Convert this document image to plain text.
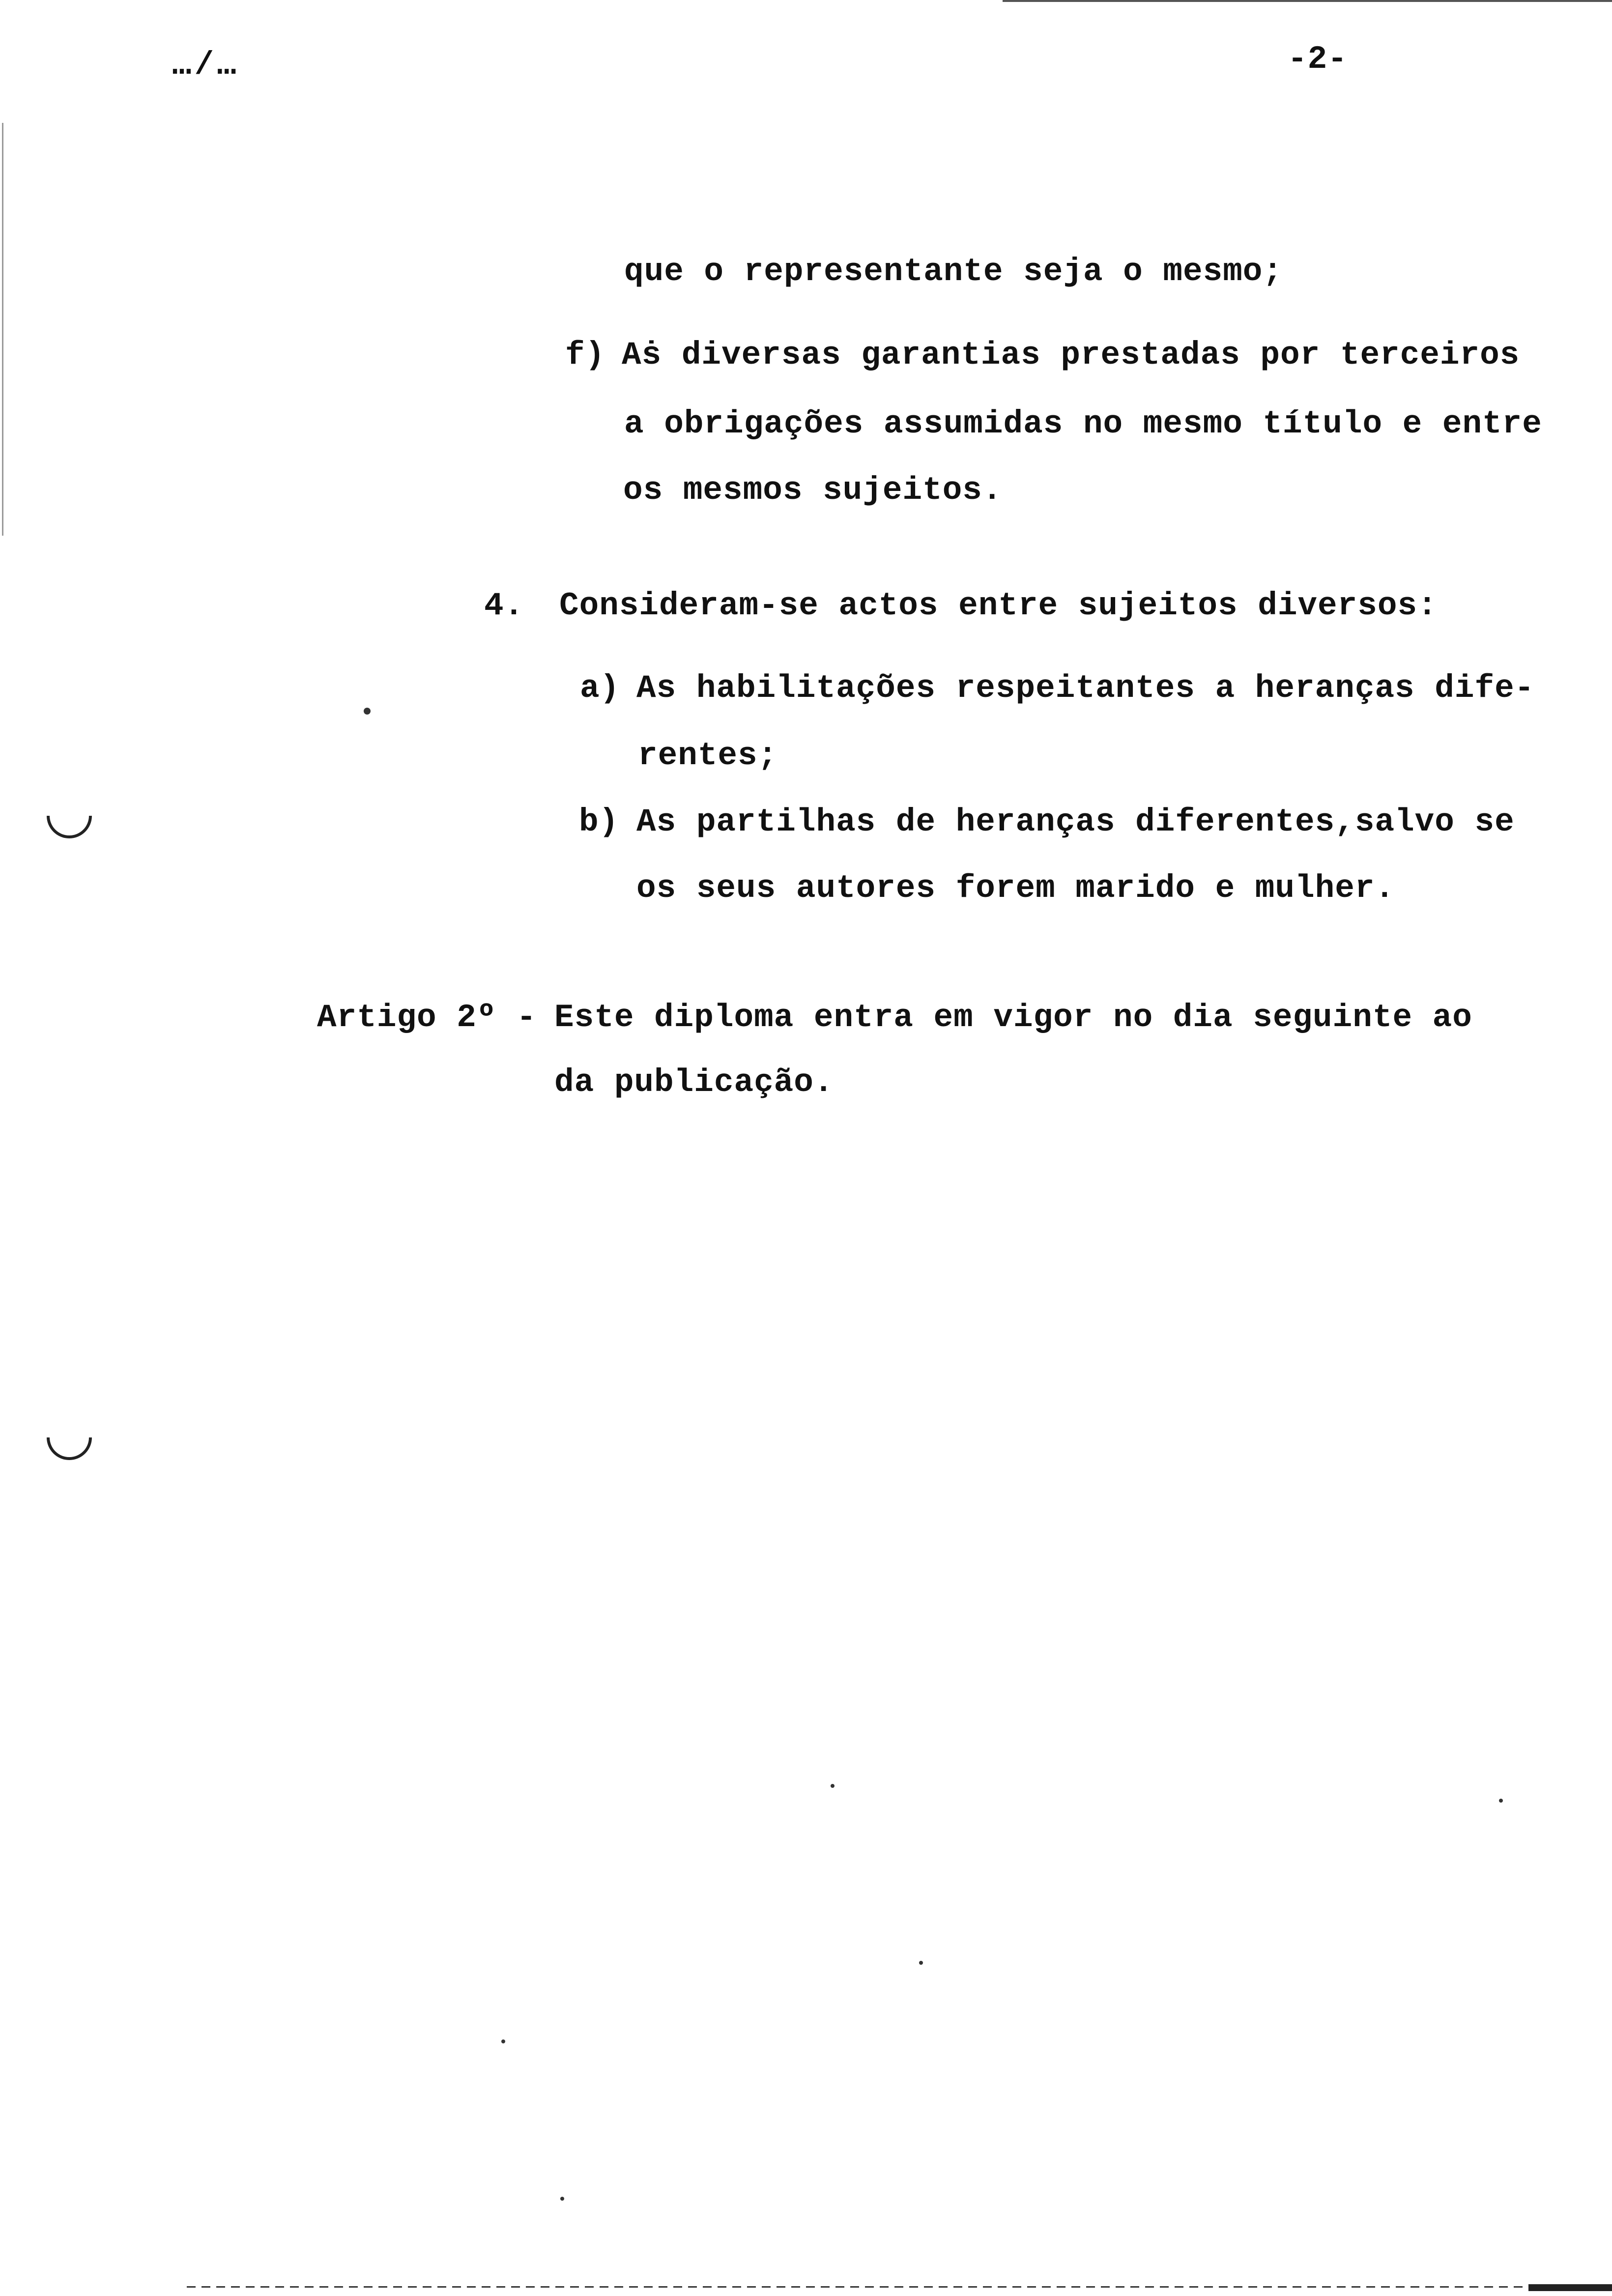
…/…	-2-
que o representante seja o mesmo;
f) Aṡ diversas garantias prestadas por terceiros
a obrigações assumidas no mesmo título e entre
os mesmos sujeitos.
4. Consideram-se actos entre sujeitos diversos:
a) As habilitações respeitantes a heranças dife-
rentes;
b) As partilhas de heranças diferentes,salvo se
os seus autores forem marido e mulher.
Artigo 2º - Este diploma entra em vigor no dia seguinte ao
da publicação.
